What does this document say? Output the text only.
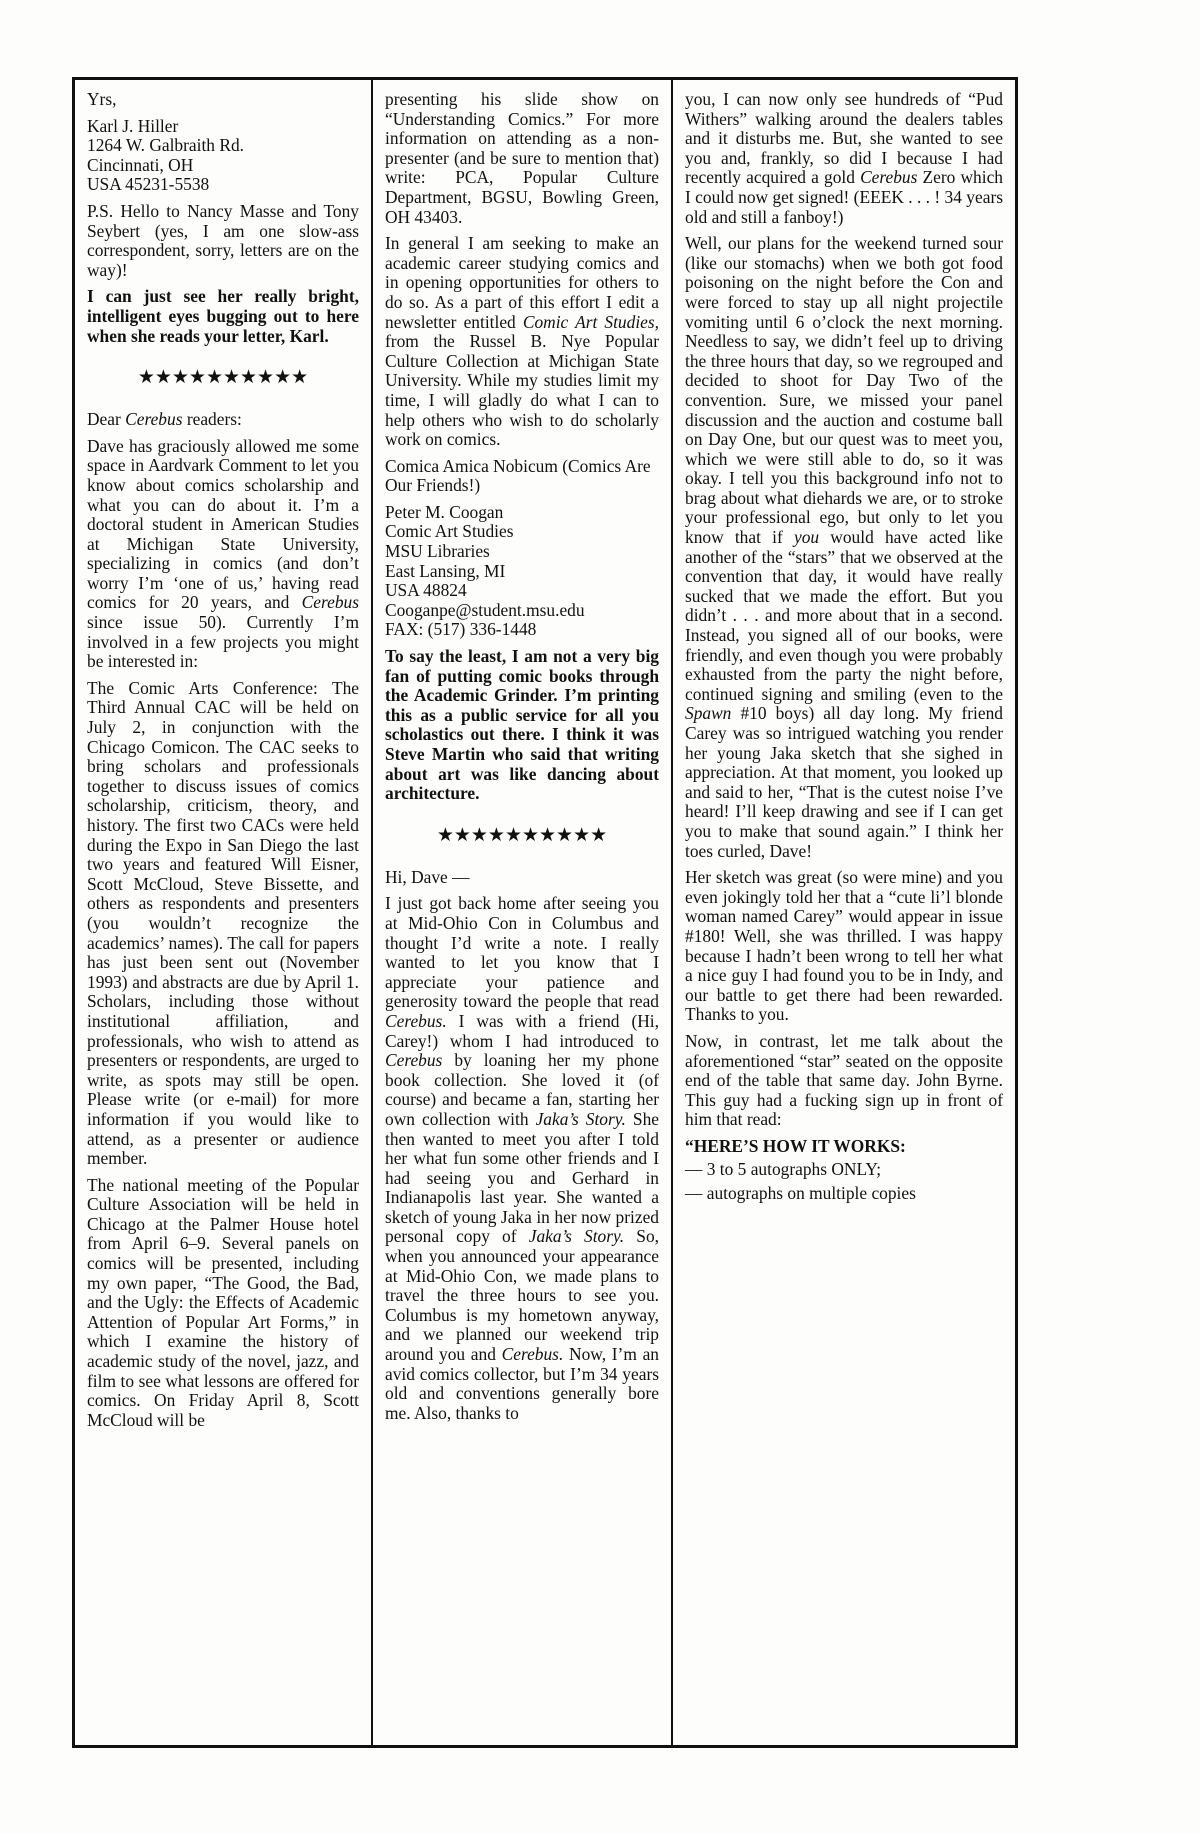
Yrs,

Karl J. Hiller
1264 W. Galbraith Rd.
Cincinnati, OH
USA 45231-5538

P.S. Hello to Nancy Masse and Tony Seybert (yes, I am one slow-ass correspondent, sorry, letters are on the way)!

I can just see her really bright, intelligent eyes bugging out to here when she reads your letter, Karl.

★★★★★★★★★★

Dear Cerebus readers:

Dave has graciously allowed me some space in Aardvark Comment to let you know about comics scholarship and what you can do about it. I’m a doctoral student in American Studies at Michigan State University, specializing in comics (and don’t worry I’m ‘one of us,’ having read comics for 20 years, and Cerebus since issue 50). Currently I’m involved in a few projects you might be interested in:

The Comic Arts Conference: The Third Annual CAC will be held on July 2, in conjunction with the Chicago Comicon. The CAC seeks to bring scholars and professionals together to discuss issues of comics scholarship, criticism, theory, and history. The first two CACs were held during the Expo in San Diego the last two years and featured Will Eisner, Scott McCloud, Steve Bissette, and others as respondents and presenters (you wouldn’t recognize the academics’ names). The call for papers has just been sent out (November 1993) and abstracts are due by April 1. Scholars, including those without institutional affiliation, and professionals, who wish to attend as presenters or respondents, are urged to write, as spots may still be open. Please write (or e-mail) for more information if you would like to attend, as a presenter or audience member.

The national meeting of the Popular Culture Association will be held in Chicago at the Palmer House hotel from April 6–9. Several panels on comics will be presented, including my own paper, “The Good, the Bad, and the Ugly: the Effects of Academic Attention of Popular Art Forms,” in which I examine the history of academic study of the novel, jazz, and film to see what lessons are offered for comics. On Friday April 8, Scott McCloud will be

presenting his slide show on “Understanding Comics.” For more information on attending as a non-presenter (and be sure to mention that) write: PCA, Popular Culture Department, BGSU, Bowling Green, OH 43403.

In general I am seeking to make an academic career studying comics and in opening opportunities for others to do so. As a part of this effort I edit a newsletter entitled Comic Art Studies, from the Russel B. Nye Popular Culture Collection at Michigan State University. While my studies limit my time, I will gladly do what I can to help others who wish to do scholarly work on comics.

Comica Amica Nobicum (Comics Are Our Friends!)

Peter M. Coogan
Comic Art Studies
MSU Libraries
East Lansing, MI
USA 48824
Cooganpe@student.msu.edu
FAX: (517) 336-1448

To say the least, I am not a very big fan of putting comic books through the Academic Grinder. I’m printing this as a public service for all you scholastics out there. I think it was Steve Martin who said that writing about art was like dancing about architecture.

★★★★★★★★★★

Hi, Dave —

I just got back home after seeing you at Mid-Ohio Con in Columbus and thought I’d write a note. I really wanted to let you know that I appreciate your patience and generosity toward the people that read Cerebus. I was with a friend (Hi, Carey!) whom I had introduced to Cerebus by loaning her my phone book collection. She loved it (of course) and became a fan, starting her own collection with Jaka’s Story. She then wanted to meet you after I told her what fun some other friends and I had seeing you and Gerhard in Indianapolis last year. She wanted a sketch of young Jaka in her now prized personal copy of Jaka’s Story. So, when you announced your appearance at Mid-Ohio Con, we made plans to travel the three hours to see you. Columbus is my hometown anyway, and we planned our weekend trip around you and Cerebus. Now, I’m an avid comics collector, but I’m 34 years old and conventions generally bore me. Also, thanks to

you, I can now only see hundreds of “Pud Withers” walking around the dealers tables and it disturbs me. But, she wanted to see you and, frankly, so did I because I had recently acquired a gold Cerebus Zero which I could now get signed! (EEEK . . . ! 34 years old and still a fanboy!)

Well, our plans for the weekend turned sour (like our stomachs) when we both got food poisoning on the night before the Con and were forced to stay up all night projectile vomiting until 6 o’clock the next morning. Needless to say, we didn’t feel up to driving the three hours that day, so we regrouped and decided to shoot for Day Two of the convention. Sure, we missed your panel discussion and the auction and costume ball on Day One, but our quest was to meet you, which we were still able to do, so it was okay. I tell you this background info not to brag about what diehards we are, or to stroke your professional ego, but only to let you know that if you would have acted like another of the “stars” that we observed at the convention that day, it would have really sucked that we made the effort. But you didn’t . . . and more about that in a second. Instead, you signed all of our books, were friendly, and even though you were probably exhausted from the party the night before, continued signing and smiling (even to the Spawn #10 boys) all day long. My friend Carey was so intrigued watching you render her young Jaka sketch that she sighed in appreciation. At that moment, you looked up and said to her, “That is the cutest noise I’ve heard! I’ll keep drawing and see if I can get you to make that sound again.” I think her toes curled, Dave!

Her sketch was great (so were mine) and you even jokingly told her that a “cute li’l blonde woman named Carey” would appear in issue #180! Well, she was thrilled. I was happy because I hadn’t been wrong to tell her what a nice guy I had found you to be in Indy, and our battle to get there had been rewarded. Thanks to you.

Now, in contrast, let me talk about the aforementioned “star” seated on the opposite end of the table that same day. John Byrne. This guy had a fucking sign up in front of him that read:

“HERE’S HOW IT WORKS:

— 3 to 5 autographs ONLY;

— autographs on multiple copies
